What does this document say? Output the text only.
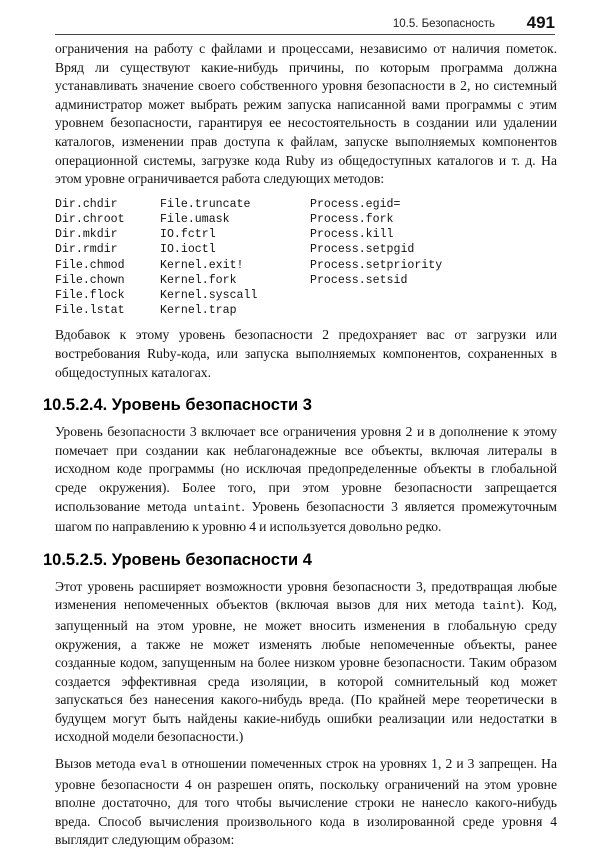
10.5. Безопасность 491

ограничения на работу с файлами и процессами, независимо от наличия пометок. Вряд ли существуют какие-нибудь причины, по которым программа должна устанавливать значение своего собственного уровня безопасности в 2, но системный администратор может выбрать режим запуска написанной вами программы с этим уровнем безопасности, гарантируя ее несостоятельность в создании или удалении каталогов, изменении прав доступа к файлам, запуске выполняемых компонентов операционной системы, загрузке кода Ruby из общедоступных каталогов и т. д. На этом уровне ограничивается работа следующих методов:

Dir.chdir
Dir.chroot
Dir.mkdir
Dir.rmdir
File.chmod
File.chown
File.flock
File.lstat
File.truncate
File.umask
IO.fctrl
IO.ioctl
Kernel.exit!
Kernel.fork
Kernel.syscall
Kernel.trap
Process.egid=
Process.fork
Process.kill
Process.setpgid
Process.setpriority
Process.setsid

Вдобавок к этому уровень безопасности 2 предохраняет вас от загрузки или востребования Ruby-кода, или запуска выполняемых компонентов, сохраненных в общедоступных каталогах.

10.5.2.4. Уровень безопасности 3

Уровень безопасности 3 включает все ограничения уровня 2 и в дополнение к этому помечает при создании как неблагонадежные все объекты, включая литералы в исходном коде программы (но исключая предопределенные объекты в глобальной среде окружения). Более того, при этом уровне безопасности запрещается использование метода untaint. Уровень безопасности 3 является промежуточным шагом по направлению к уровню 4 и используется довольно редко.

10.5.2.5. Уровень безопасности 4

Этот уровень расширяет возможности уровня безопасности 3, предотвращая любые изменения непомеченных объектов (включая вызов для них метода taint). Код, запущенный на этом уровне, не может вносить изменения в глобальную среду окружения, а также не может изменять любые непомеченные объекты, ранее созданные кодом, запущенным на более низком уровне безопасности. Таким образом создается эффективная среда изоляции, в которой сомнительный код может запускаться без нанесения какого-нибудь вреда. (По крайней мере теоретически в будущем могут быть найдены какие-нибудь ошибки реализации или недостатки в исходной модели безопасности.)

Вызов метода eval в отношении помеченных строк на уровнях 1, 2 и 3 запрещен. На уровне безопасности 4 он разрешен опять, поскольку ограничений на этом уровне вполне достаточно, для того чтобы вычисление строки не нанесло какого-нибудь вреда. Способ вычисления произвольного кода в изолированной среде уровня 4 выглядит следующим образом:
